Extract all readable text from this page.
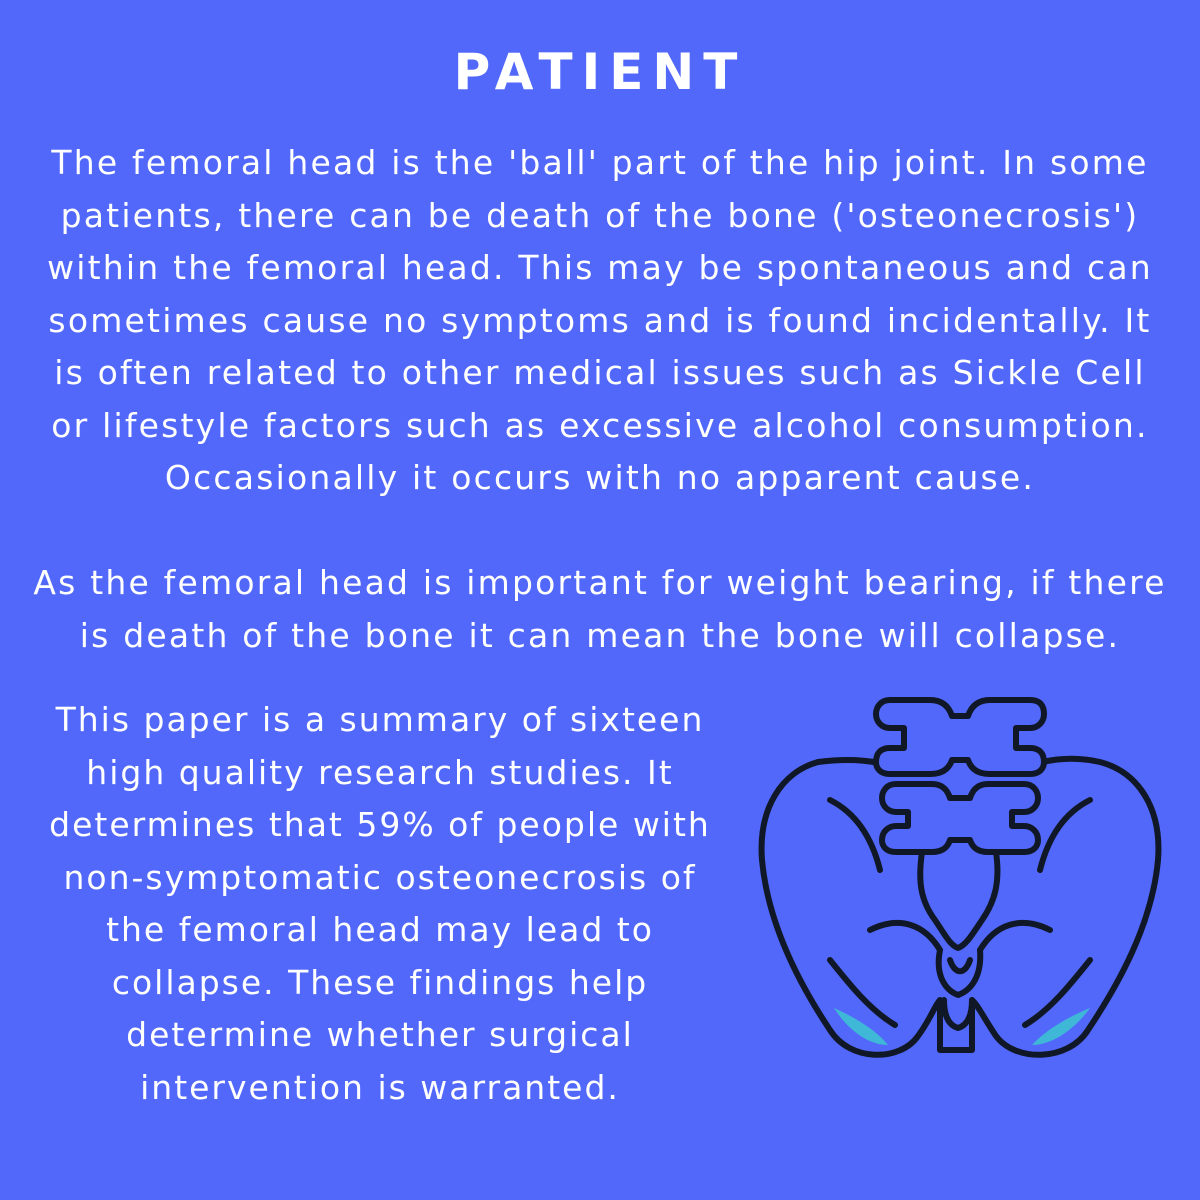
PATIENT

The femoral head is the 'ball' part of the hip joint. In some
patients, there can be death of the bone ('osteonecrosis')
within the femoral head. This may be spontaneous and can
sometimes cause no symptoms and is found incidentally. It
is often related to other medical issues such as Sickle Cell
or lifestyle factors such as excessive alcohol consumption.
Occasionally it occurs with no apparent cause.

As the femoral head is important for weight bearing, if there
is death of the bone it can mean the bone will collapse.

This paper is a summary of sixteen
high quality research studies. It
determines that 59% of people with
non-symptomatic osteonecrosis of
the femoral head may lead to
collapse. These findings help
determine whether surgical
intervention is warranted.
